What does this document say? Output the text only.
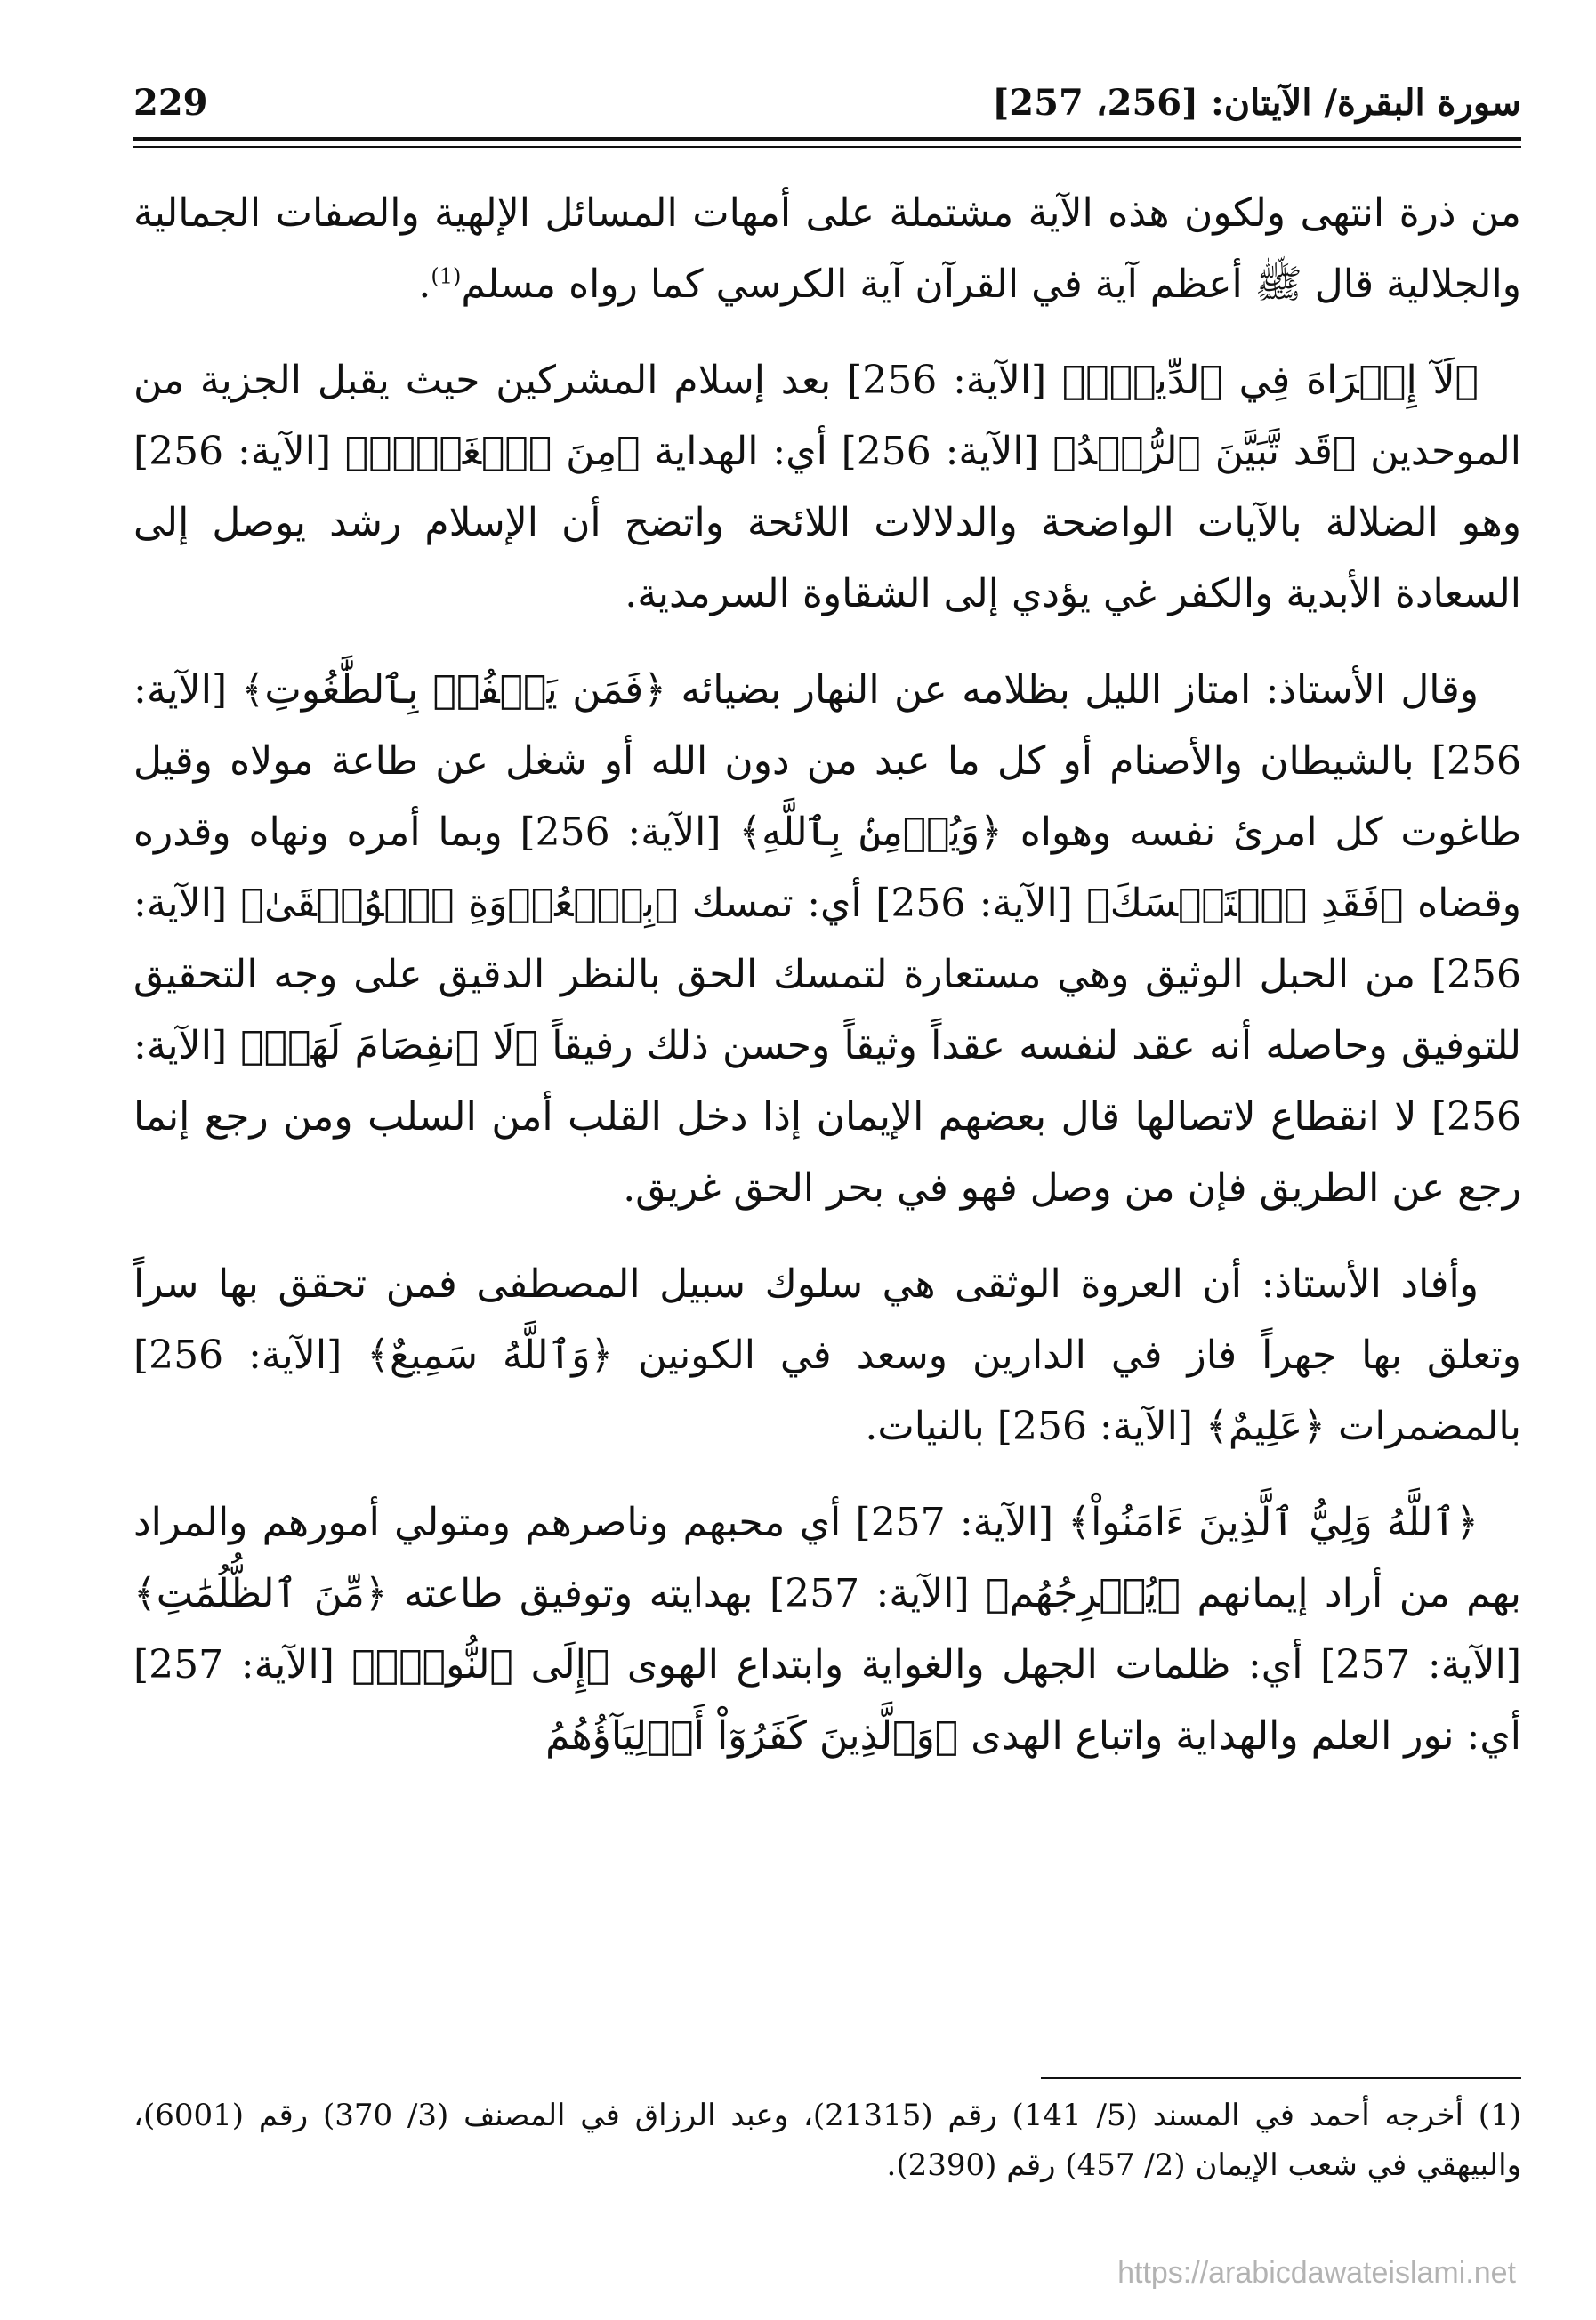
سورة البقرة/ الآيتان: [256، 257]
229

من ذرة انتهى ولكون هذه الآية مشتملة على أمهات المسائل الإلهية والصفات الجمالية والجلالية قال ﷺ أعظم آية في القرآن آية الكرسي كما رواه مسلم$^{(1)}$.

﴿لَآ إِكۡرَاهَ فِي ٱلدِّينِۖ﴾ [الآية: 256] بعد إسلام المشركين حيث يقبل الجزية من الموحدين ﴿قَد تَّبَيَّنَ ٱلرُّشۡدُ﴾ [الآية: 256] أي: الهداية ﴿مِنَ ٱلۡغَيِّۚ﴾ [الآية: 256] وهو الضلالة بالآيات الواضحة والدلالات اللائحة واتضح أن الإسلام رشد يوصل إلى السعادة الأبدية والكفر غي يؤدي إلى الشقاوة السرمدية.

وقال الأستاذ: امتاز الليل بظلامه عن النهار بضيائه ﴿فَمَن يَكۡفُرۡ بِٱلطَّٰغُوتِ﴾ [الآية: 256] بالشيطان والأصنام أو كل ما عبد من دون الله أو شغل عن طاعة مولاه وقيل طاغوت كل امرئ نفسه وهواه ﴿وَيُؤۡمِنۢ بِٱللَّهِ﴾ [الآية: 256] وبما أمره ونهاه وقدره وقضاه ﴿فَقَدِ ٱسۡتَمۡسَكَ﴾ [الآية: 256] أي: تمسك ﴿بِٱلۡعُرۡوَةِ ٱلۡوُثۡقَىٰ﴾ [الآية: 256] من الحبل الوثيق وهي مستعارة لتمسك الحق بالنظر الدقيق على وجه التحقيق للتوفيق وحاصله أنه عقد لنفسه عقداً وثيقاً وحسن ذلك رفيقاً ﴿لَا ٱنفِصَامَ لَهَاۗ﴾ [الآية: 256] لا انقطاع لاتصالها قال بعضهم الإيمان إذا دخل القلب أمن السلب ومن رجع إنما رجع عن الطريق فإن من وصل فهو في بحر الحق غريق.

وأفاد الأستاذ: أن العروة الوثقى هي سلوك سبيل المصطفى فمن تحقق بها سراً وتعلق بها جهراً فاز في الدارين وسعد في الكونين ﴿وَٱللَّهُ سَمِيعٌ﴾ [الآية: 256] بالمضمرات ﴿عَلِيمٌ﴾ [الآية: 256] بالنيات.

﴿ٱللَّهُ وَلِيُّ ٱلَّذِينَ ءَامَنُواْ﴾ [الآية: 257] أي محبهم وناصرهم ومتولي أمورهم والمراد بهم من أراد إيمانهم ﴿يُخۡرِجُهُم﴾ [الآية: 257] بهدايته وتوفيق طاعته ﴿مِّنَ ٱلظُّلُمَٰتِ﴾ [الآية: 257] أي: ظلمات الجهل والغواية وابتداع الهوى ﴿إِلَى ٱلنُّورِۖ﴾ [الآية: 257] أي: نور العلم والهداية واتباع الهدى ﴿وَٱلَّذِينَ كَفَرُوٓاْ أَوۡلِيَآؤُهُمُ

(1) أخرجه أحمد في المسند (5/ 141) رقم (21315)، وعبد الرزاق في المصنف (3/ 370) رقم (6001)، والبيهقي في شعب الإيمان (2/ 457) رقم (2390).

https://arabicdawateislami.net
